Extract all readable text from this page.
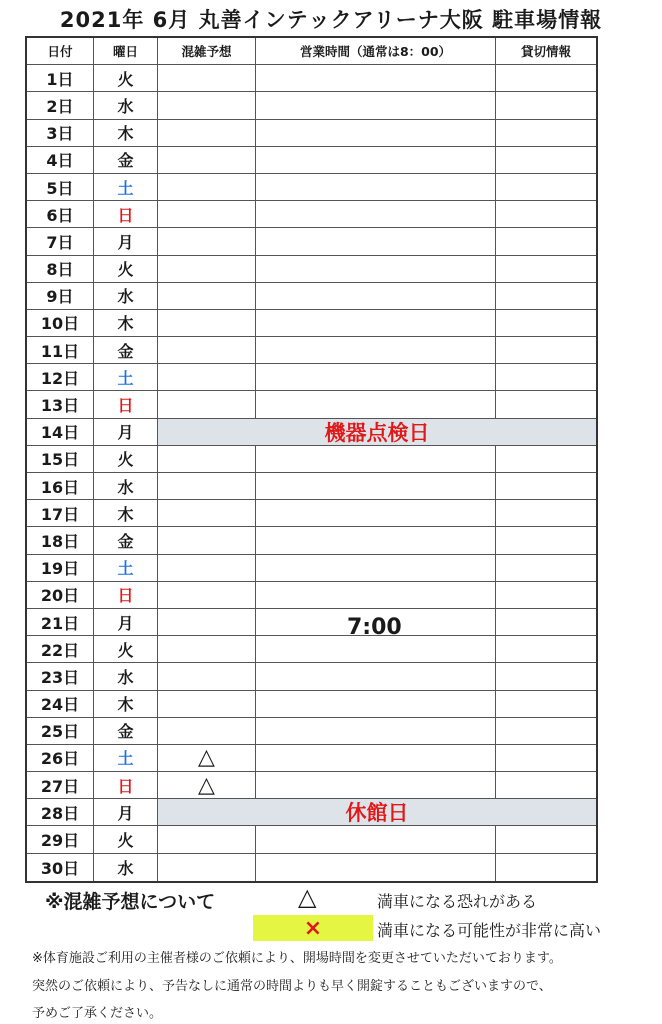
2021年 6月 丸善インテックアリーナ大阪 駐車場情報
日付	曜日	混雑予想	営業時間（通常は8：00）	貸切情報
1日	火
2日	水
3日	木
4日	金
5日	土
6日	日
7日	月
8日	火
9日	水
10日	木
11日	金
12日	土
13日	日
14日	月	機器点検日
15日	火
16日	水
17日	木
18日	金
19日	土
20日	日
21日	月
22日	火
23日	水
24日	木
25日	金
26日	土	△
27日	日	△
28日	月	休館日
29日	火
30日	水
7:00
※混雑予想について	△	満車になる恐れがある
×	満車になる可能性が非常に高い
※体育施設ご利用の主催者様のご依頼により、開場時間を変更させていただいております。
突然のご依頼により、予告なしに通常の時間よりも早く開錠することもございますので、
予めご了承ください。
